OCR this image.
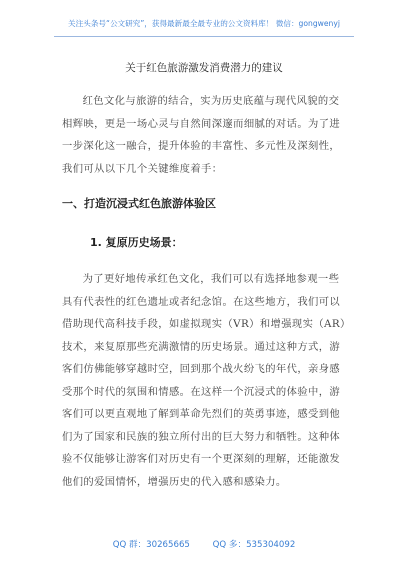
关注头条号“公文研究”，获得最新最全最专业的公文资料库！ 微信：gongwenyj
关于红色旅游激发消费潜力的建议
红色文化与旅游的结合，实为历史底蕴与现代风貌的交相辉映，更是一场心灵与自然间深邃而细腻的对话。为了进一步深化这一融合，提升体验的丰富性、多元性及深刻性，我们可从以下几个关键维度着手：
一、打造沉浸式红色旅游体验区
1. 复原历史场景：
为了更好地传承红色文化，我们可以有选择地参观一些具有代表性的红色遗址或者纪念馆。在这些地方，我们可以借助现代高科技手段，如虚拟现实（VR）和增强现实（AR）技术，来复原那些充满激情的历史场景。通过这种方式，游客们仿佛能够穿越时空，回到那个战火纷飞的年代，亲身感受那个时代的氛围和情感。在这样一个沉浸式的体验中，游客们可以更直观地了解到革命先烈们的英勇事迹，感受到他们为了国家和民族的独立所付出的巨大努力和牺牲。这种体验不仅能够让游客们对历史有一个更深刻的理解，还能激发他们的爱国情怀，增强历史的代入感和感染力。
QQ 群：30265665	QQ 多：535304092
